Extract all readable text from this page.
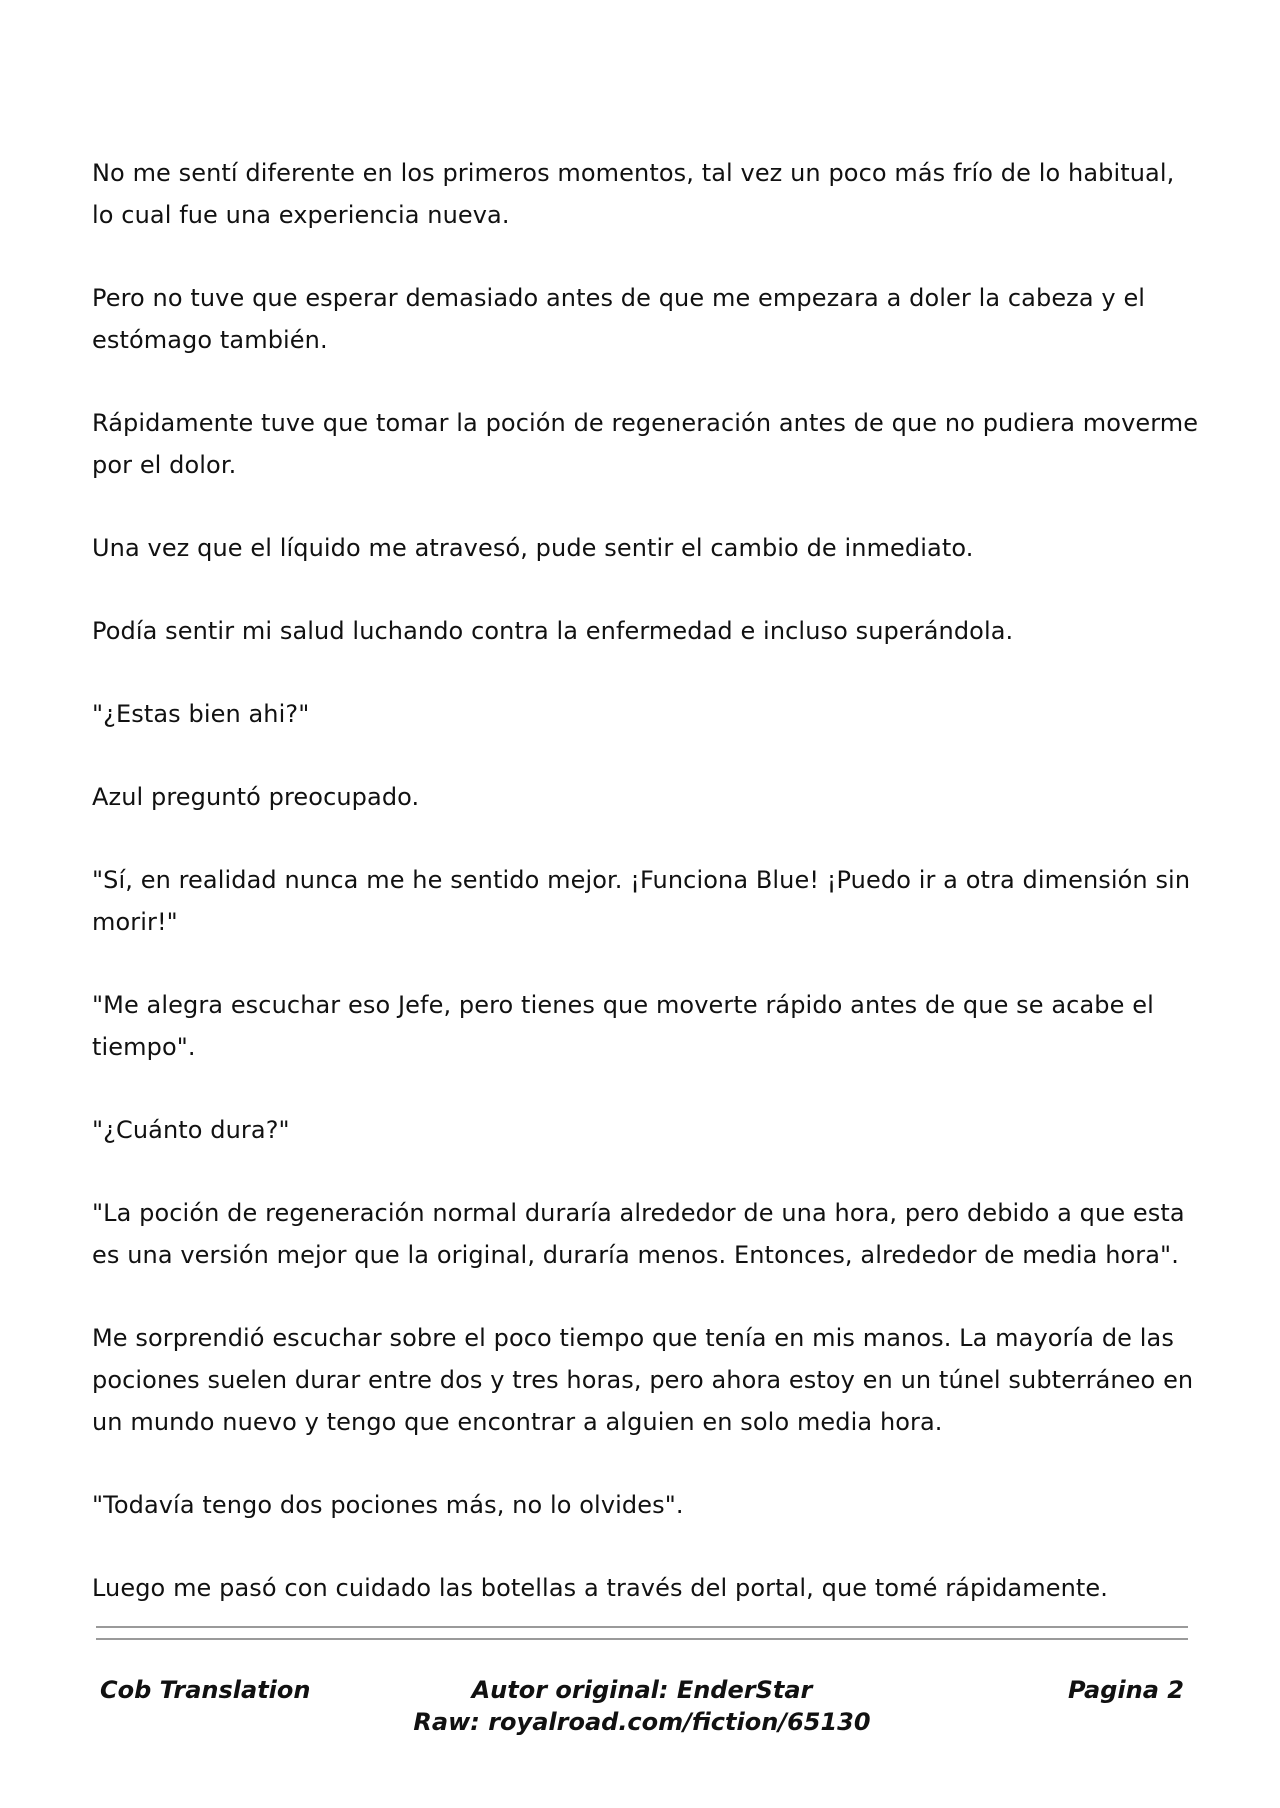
No me sentí diferente en los primeros momentos, tal vez un poco más frío de lo habitual, lo cual fue una experiencia nueva.

Pero no tuve que esperar demasiado antes de que me empezara a doler la cabeza y el estómago también.

Rápidamente tuve que tomar la poción de regeneración antes de que no pudiera moverme por el dolor.

Una vez que el líquido me atravesó, pude sentir el cambio de inmediato.

Podía sentir mi salud luchando contra la enfermedad e incluso superándola.

"¿Estas bien ahi?"

Azul preguntó preocupado.

"Sí, en realidad nunca me he sentido mejor. ¡Funciona Blue! ¡Puedo ir a otra dimensión sin morir!"

"Me alegra escuchar eso Jefe, pero tienes que moverte rápido antes de que se acabe el tiempo".

"¿Cuánto dura?"

"La poción de regeneración normal duraría alrededor de una hora, pero debido a que esta es una versión mejor que la original, duraría menos. Entonces, alrededor de media hora".

Me sorprendió escuchar sobre el poco tiempo que tenía en mis manos. La mayoría de las pociones suelen durar entre dos y tres horas, pero ahora estoy en un túnel subterráneo en un mundo nuevo y tengo que encontrar a alguien en solo media hora.

"Todavía tengo dos pociones más, no lo olvides".

Luego me pasó con cuidado las botellas a través del portal, que tomé rápidamente.

Cob Translation	Autor original: EnderStar
Raw: royalroad.com/fiction/65130
Pagina 2
